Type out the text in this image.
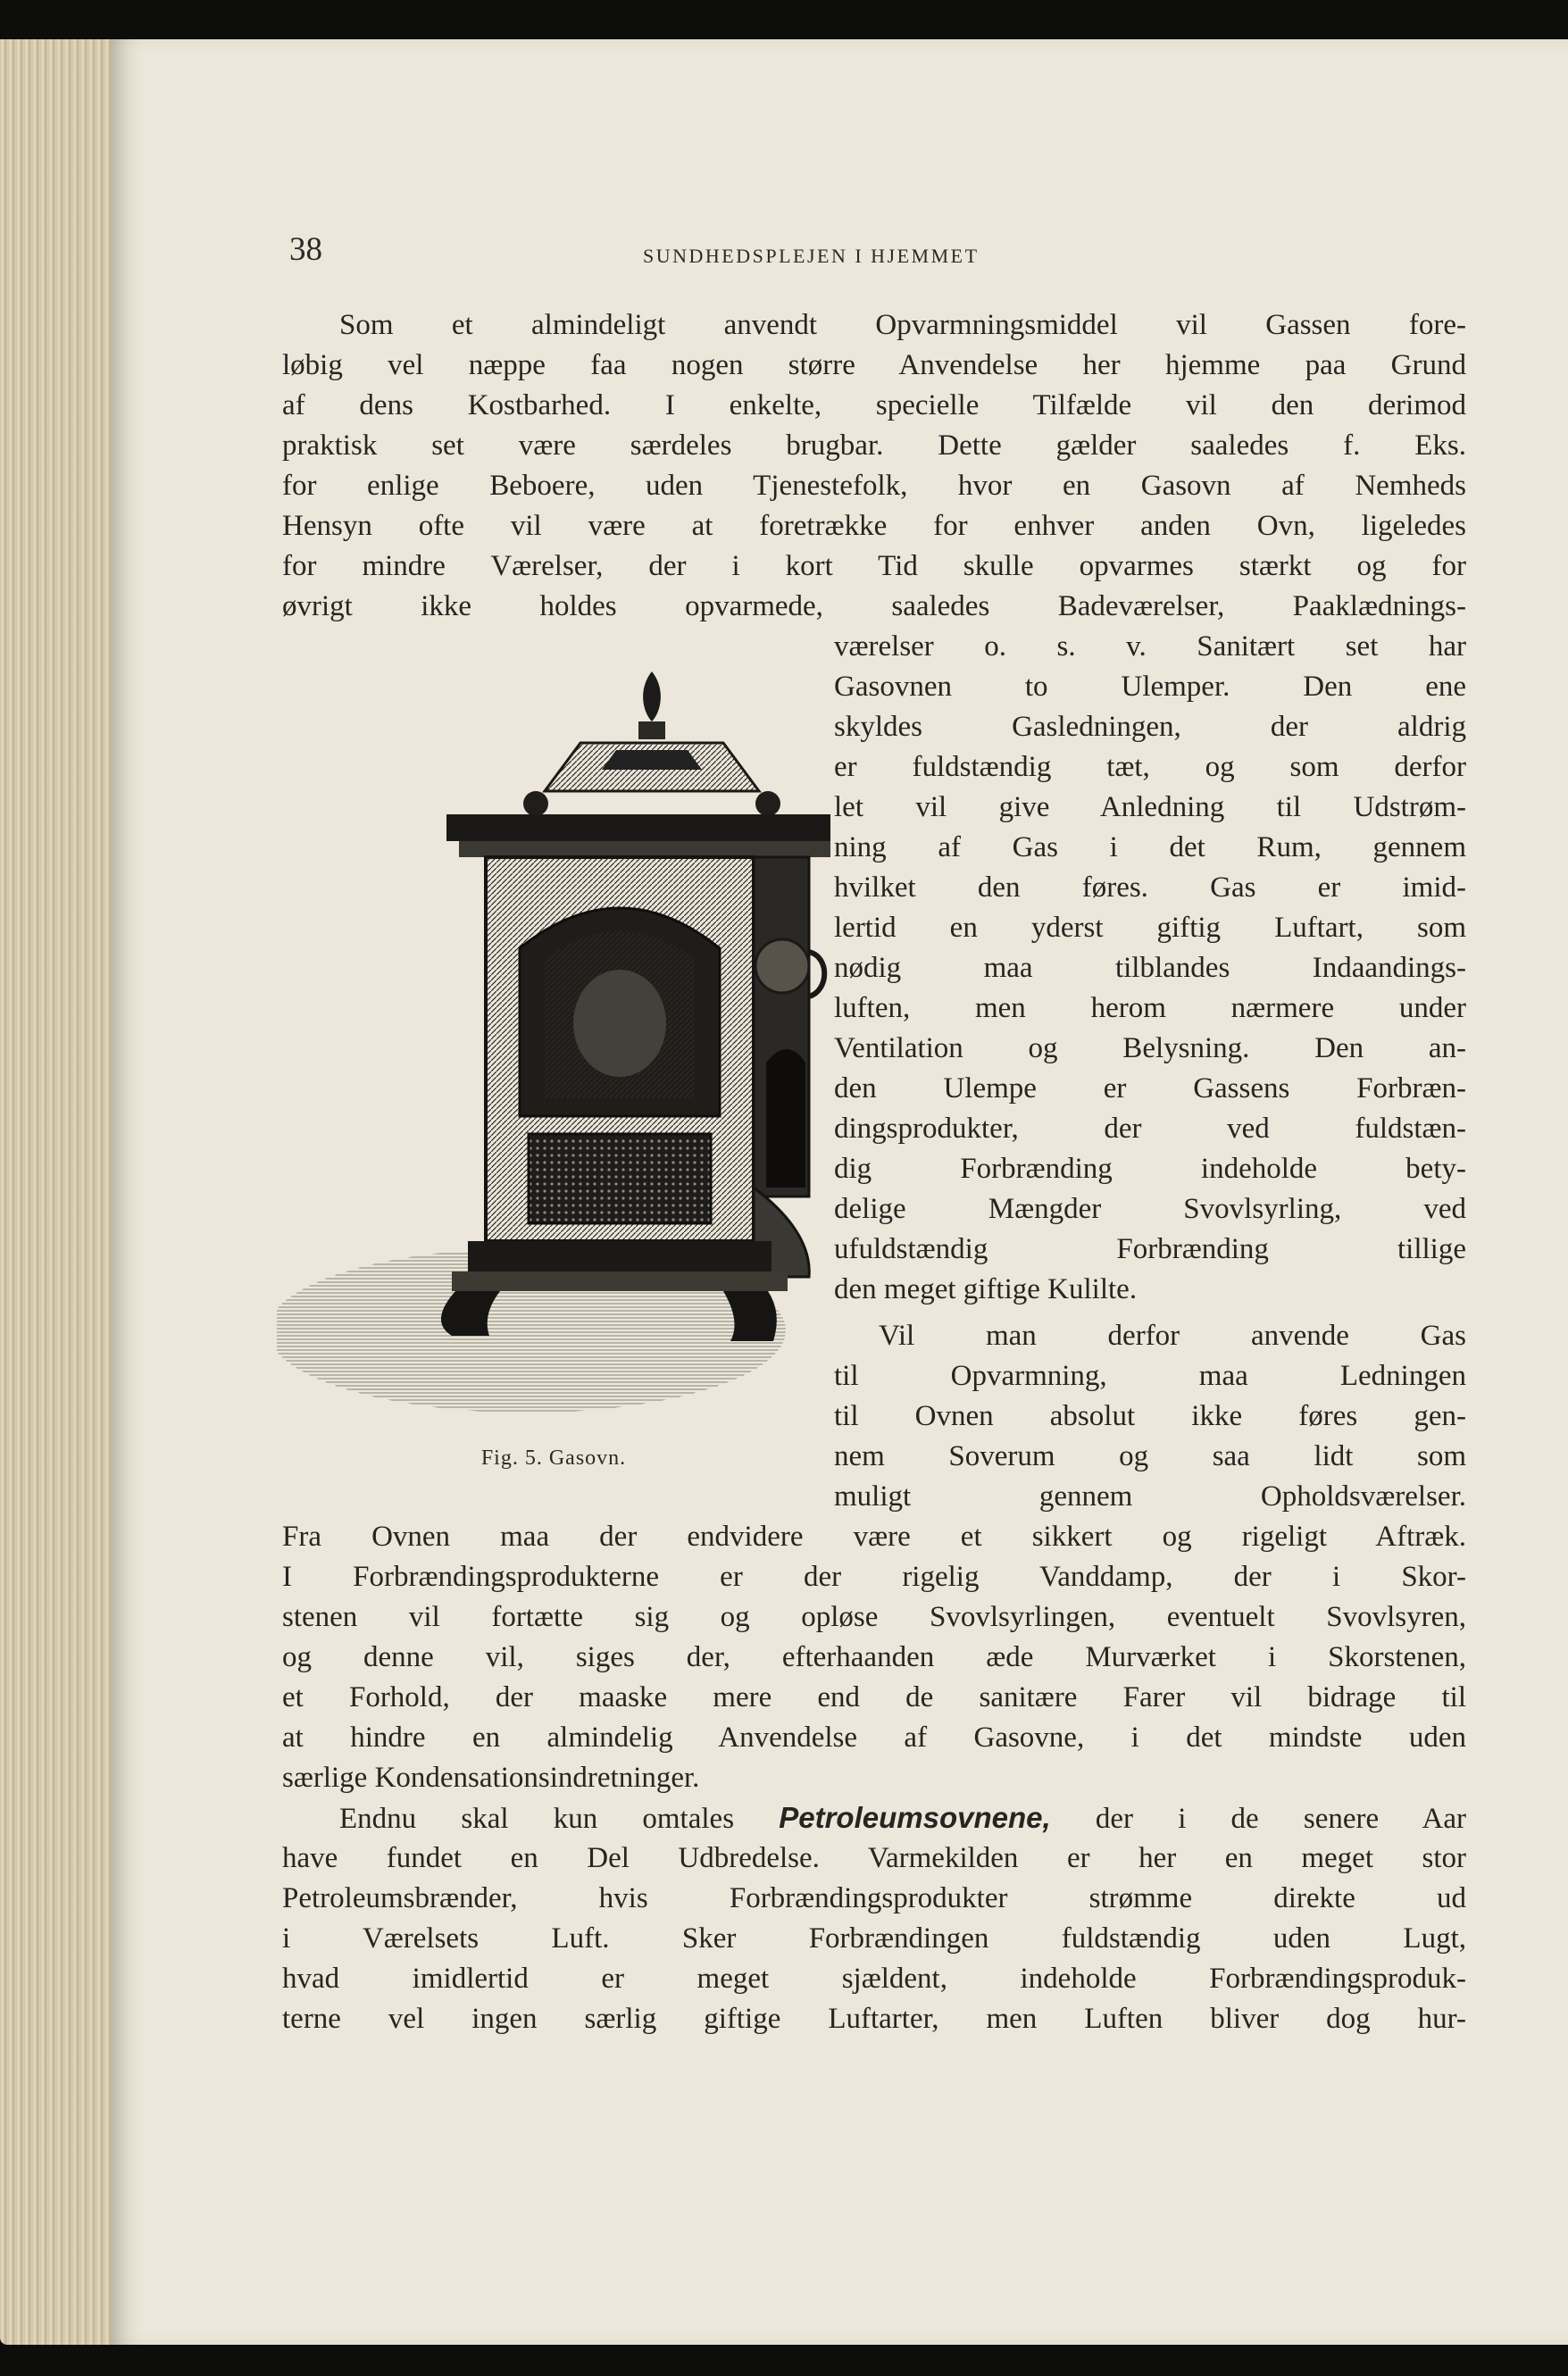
38	SUNDHEDSPLEJEN I HJEMMET
Som et almindeligt anvendt Opvarmningsmiddel vil Gassen fore-
løbig vel næppe faa nogen større Anvendelse her hjemme paa Grund
af dens Kostbarhed. I enkelte, specielle Tilfælde vil den derimod
praktisk set være særdeles brugbar. Dette gælder saaledes f. Eks.
for enlige Beboere, uden Tjenestefolk, hvor en Gasovn af Nemheds
Hensyn ofte vil være at foretrække for enhver anden Ovn, ligeledes
for mindre Værelser, der i kort Tid skulle opvarmes stærkt og for
øvrigt ikke holdes opvarmede, saaledes Badeværelser, Paaklædnings-
værelser o. s. v. Sanitært set har
Gasovnen to Ulemper. Den ene
skyldes Gasledningen, der aldrig
er fuldstændig tæt, og som derfor
let vil give Anledning til Udstrøm-
ning af Gas i det Rum, gennem
hvilket den føres. Gas er imid-
lertid en yderst giftig Luftart, som
nødig maa tilblandes Indaandings-
luften, men herom nærmere under
Ventilation og Belysning. Den an-
den Ulempe er Gassens Forbræn-
dingsprodukter, der ved fuldstæn-
dig Forbrænding indeholde bety-
delige Mængder Svovlsyrling, ved
ufuldstændig Forbrænding tillige
den meget giftige Kulilte.
Vil man derfor anvende Gas
til Opvarmning, maa Ledningen
til Ovnen absolut ikke føres gen-
nem Soverum og saa lidt som
muligt gennem Opholdsværelser.
Fra Ovnen maa der endvidere være et sikkert og rigeligt Aftræk.
I Forbrændingsprodukterne er der rigelig Vanddamp, der i Skor-
stenen vil fortætte sig og opløse Svovlsyrlingen, eventuelt Svovlsyren,
og denne vil, siges der, efterhaanden æde Murværket i Skorstenen,
et Forhold, der maaske mere end de sanitære Farer vil bidrage til
at hindre en almindelig Anvendelse af Gasovne, i det mindste uden
særlige Kondensationsindretninger.
Endnu skal kun omtales Petroleumsovnene, der i de senere Aar
have fundet en Del Udbredelse. Varmekilden er her en meget stor
Petroleumsbrænder, hvis Forbrændingsprodukter strømme direkte ud
i Værelsets Luft. Sker Forbrændingen fuldstændig uden Lugt,
hvad imidlertid er meget sjældent, indeholde Forbrændingsproduk-
terne vel ingen særlig giftige Luftarter, men Luften bliver dog hur-
Fig. 5. Gasovn.
